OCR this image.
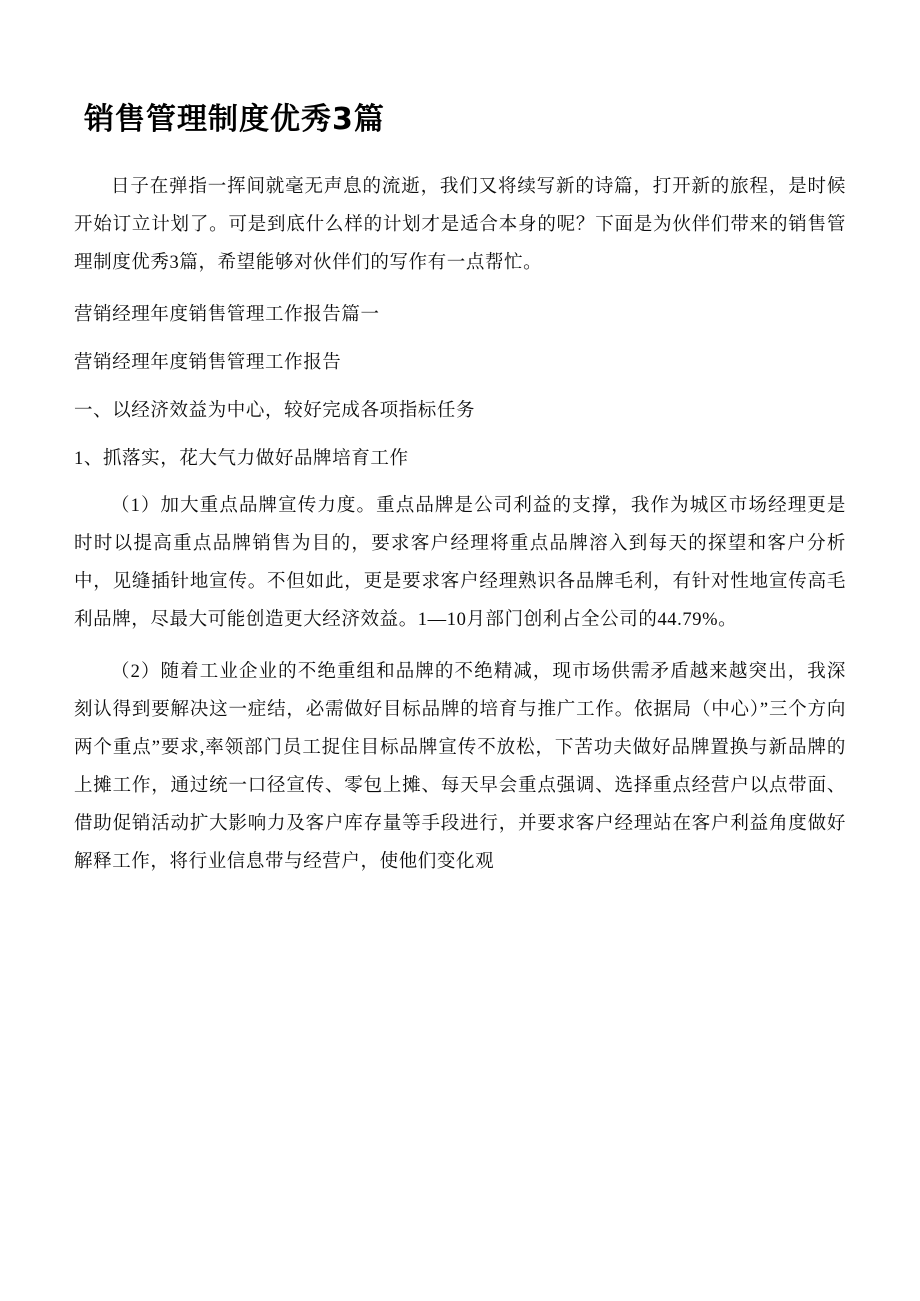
销售管理制度优秀3篇

日子在弹指一挥间就毫无声息的流逝，我们又将续写新的诗篇，打开新的旅程，是时候开始订立计划了。可是到底什么样的计划才是适合本身的呢？下面是为伙伴们带来的销售管理制度优秀3篇，希望能够对伙伴们的写作有一点帮忙。

营销经理年度销售管理工作报告篇一

营销经理年度销售管理工作报告

一、以经济效益为中心，较好完成各项指标任务

1、抓落实，花大气力做好品牌培育工作

（1）加大重点品牌宣传力度。重点品牌是公司利益的支撑，我作为城区市场经理更是时时以提高重点品牌销售为目的，要求客户经理将重点品牌溶入到每天的探望和客户分析中，见缝插针地宣传。不但如此，更是要求客户经理熟识各品牌毛利，有针对性地宣传高毛利品牌，尽最大可能创造更大经济效益。1—10月部门创利占全公司的44.79%。

（2）随着工业企业的不绝重组和品牌的不绝精减，现市场供需矛盾越来越突出，我深刻认得到要解决这一症结，必需做好目标品牌的培育与推广工作。依据局（中心）”三个方向两个重点”要求,率领部门员工捉住目标品牌宣传不放松，下苦功夫做好品牌置换与新品牌的上摊工作，通过统一口径宣传、零包上摊、每天早会重点强调、选择重点经营户以点带面、借助促销活动扩大影响力及客户库存量等手段进行，并要求客户经理站在客户利益角度做好解释工作，将行业信息带与经营户，使他们变化观
